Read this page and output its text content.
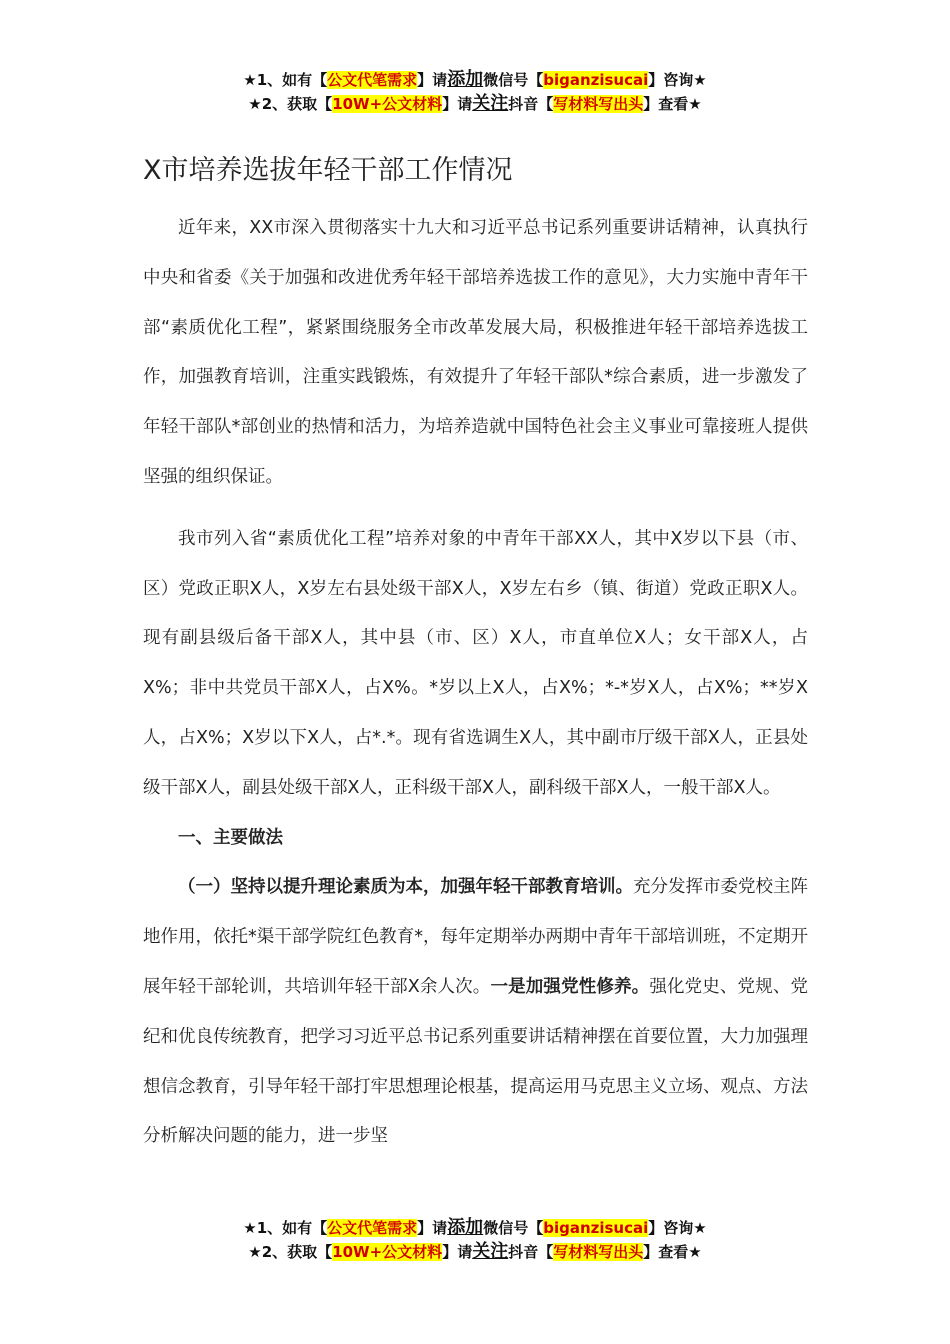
★1、如有【公文代笔需求】请添加微信号【biganzisucai】咨询★
★2、获取【10W+公文材料】请关注抖音【写材料写出头】查看★
X市培养选拔年轻干部工作情况

近年来，XX市深入贯彻落实十九大和习近平总书记系列重要讲话精神，认真执行中央和省委《关于加强和改进优秀年轻干部培养选拔工作的意见》，大力实施中青年干部“素质优化工程”，紧紧围绕服务全市改革发展大局，积极推进年轻干部培养选拔工作，加强教育培训，注重实践锻炼，有效提升了年轻干部队*综合素质，进一步激发了年轻干部队*部创业的热情和活力，为培养造就中国特色社会主义事业可靠接班人提供坚强的组织保证。

我市列入省“素质优化工程”培养对象的中青年干部XX人，其中X岁以下县（市、区）党政正职X人，X岁左右县处级干部X人，X岁左右乡（镇、街道）党政正职X人。现有副县级后备干部X人，其中县（市、区）X人，市直单位X人；女干部X人，占X%；非中共党员干部X人，占X%。*岁以上X人，占X%；*-*岁X人，占X%；**岁X人，占X%；X岁以下X人，占*.*。现有省选调生X人，其中副市厅级干部X人，正县处级干部X人，副县处级干部X人，正科级干部X人，副科级干部X人，一般干部X人。

一、主要做法

（一）坚持以提升理论素质为本，加强年轻干部教育培训。充分发挥市委党校主阵地作用，依托*渠干部学院红色教育*，每年定期举办两期中青年干部培训班，不定期开展年轻干部轮训，共培训年轻干部X余人次。一是加强党性修养。强化党史、党规、党纪和优良传统教育，把学习习近平总书记系列重要讲话精神摆在首要位置，大力加强理想信念教育，引导年轻干部打牢思想理论根基，提高运用马克思主义立场、观点、方法分析解决问题的能力，进一步坚

★1、如有【公文代笔需求】请添加微信号【biganzisucai】咨询★
★2、获取【10W+公文材料】请关注抖音【写材料写出头】查看★
